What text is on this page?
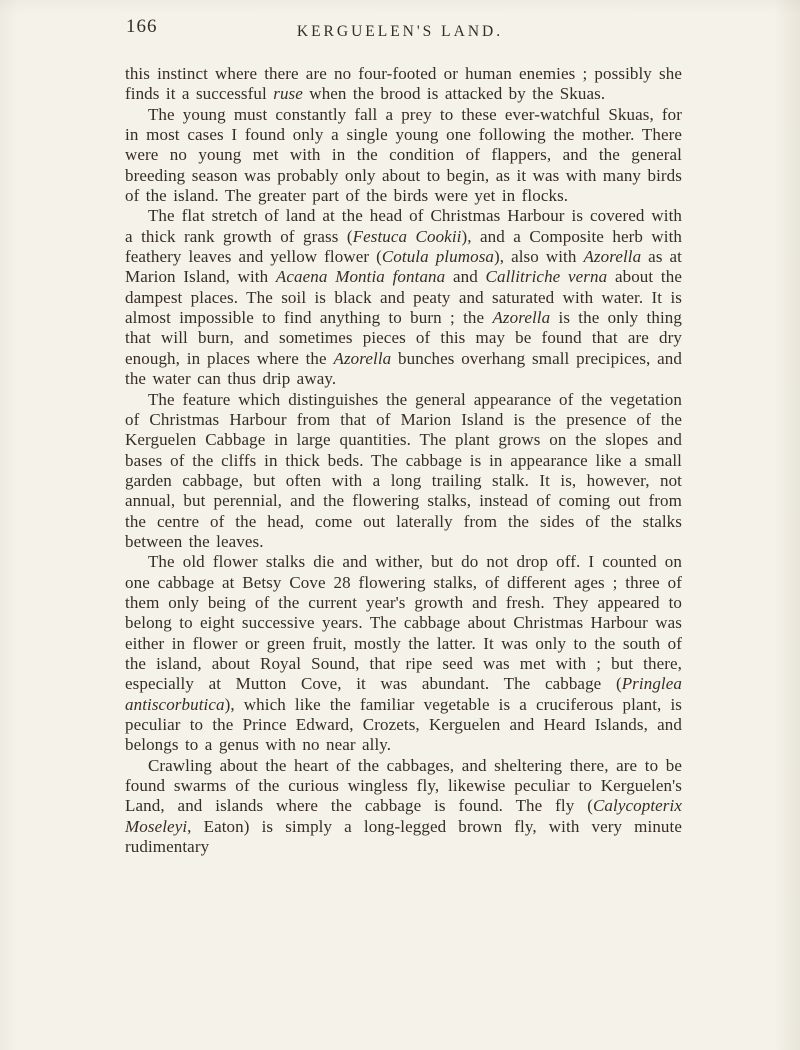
166	KERGUELEN'S LAND.

this instinct where there are no four-footed or human enemies ; possibly she finds it a successful ruse when the brood is attacked by the Skuas.

The young must constantly fall a prey to these ever-watchful Skuas, for in most cases I found only a single young one following the mother. There were no young met with in the condition of flappers, and the general breeding season was probably only about to begin, as it was with many birds of the island. The greater part of the birds were yet in flocks.

The flat stretch of land at the head of Christmas Harbour is covered with a thick rank growth of grass (Festuca Cookii), and a Composite herb with feathery leaves and yellow flower (Cotula plumosa), also with Azorella as at Marion Island, with Acaena Montia fontana and Callitriche verna about the dampest places. The soil is black and peaty and saturated with water. It is almost impossible to find anything to burn ; the Azorella is the only thing that will burn, and sometimes pieces of this may be found that are dry enough, in places where the Azorella bunches overhang small precipices, and the water can thus drip away.

The feature which distinguishes the general appearance of the vegetation of Christmas Harbour from that of Marion Island is the presence of the Kerguelen Cabbage in large quantities. The plant grows on the slopes and bases of the cliffs in thick beds. The cabbage is in appearance like a small garden cabbage, but often with a long trailing stalk. It is, however, not annual, but perennial, and the flowering stalks, instead of coming out from the centre of the head, come out laterally from the sides of the stalks between the leaves.

The old flower stalks die and wither, but do not drop off. I counted on one cabbage at Betsy Cove 28 flowering stalks, of different ages ; three of them only being of the current year's growth and fresh. They appeared to belong to eight successive years. The cabbage about Christmas Harbour was either in flower or green fruit, mostly the latter. It was only to the south of the island, about Royal Sound, that ripe seed was met with ; but there, especially at Mutton Cove, it was abundant. The cabbage (Pringlea antiscorbutica), which like the familiar vegetable is a cruciferous plant, is peculiar to the Prince Edward, Crozets, Kerguelen and Heard Islands, and belongs to a genus with no near ally.

Crawling about the heart of the cabbages, and sheltering there, are to be found swarms of the curious wingless fly, likewise peculiar to Kerguelen's Land, and islands where the cabbage is found. The fly (Calycopterix Moseleyi, Eaton) is simply a long-legged brown fly, with very minute rudimentary
